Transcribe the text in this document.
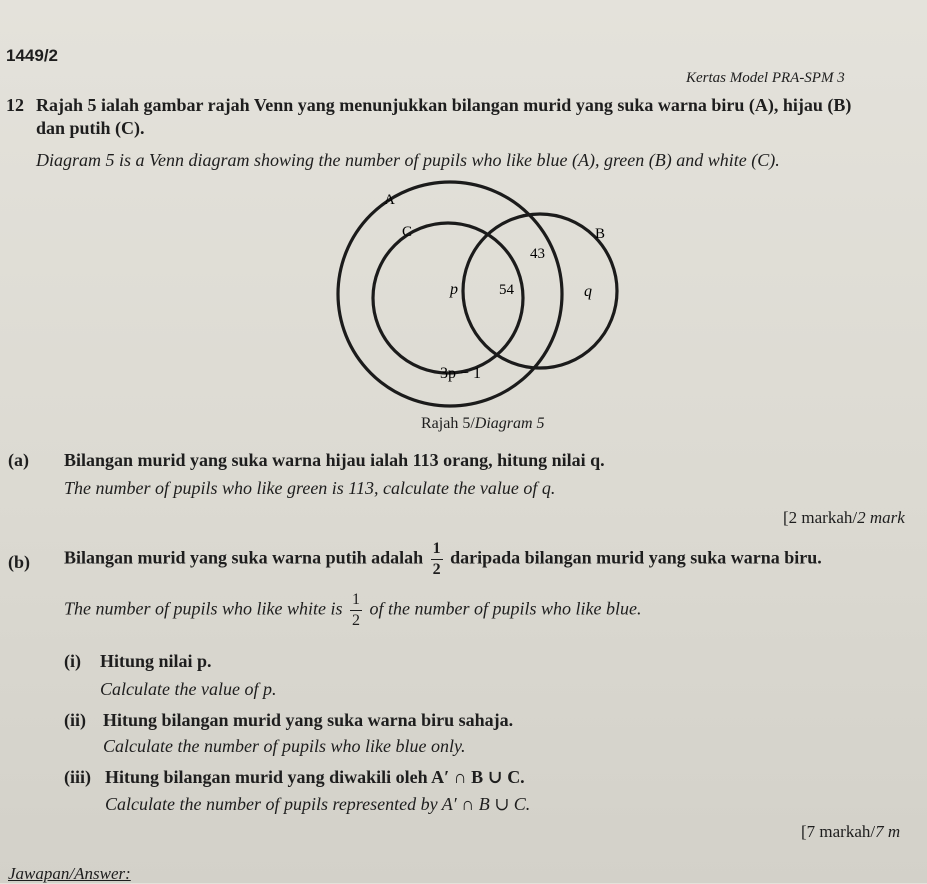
1449/2
Kertas Model PRA-SPM 3
12 Rajah 5 ialah gambar rajah Venn yang menunjukkan bilangan murid yang suka warna biru (A), hijau (B)
dan putih (C).
Diagram 5 is a Venn diagram showing the number of pupils who like blue (A), green (B) and white (C).
A
C	B
43
p	54	q
3p − 1
Rajah 5/Diagram 5
(a) Bilangan murid yang suka warna hijau ialah 113 orang, hitung nilai q.
The number of pupils who like green is 113, calculate the value of q.
[2 markah/2 mark
(b) Bilangan murid yang suka warna putih adalah $\frac{1}{2}$ daripada bilangan murid yang suka warna biru.
The number of pupils who like white is $\frac{1}{2}$ of the number of pupils who like blue.
(i) Hitung nilai p.
Calculate the value of p.
(ii) Hitung bilangan murid yang suka warna biru sahaja.
Calculate the number of pupils who like blue only.
(iii) Hitung bilangan murid yang diwakili oleh A′ ∩ B ∪ C.
Calculate the number of pupils represented by A′ ∩ B ∪ C.
[7 markah/7 m
Jawapan/Answer:
